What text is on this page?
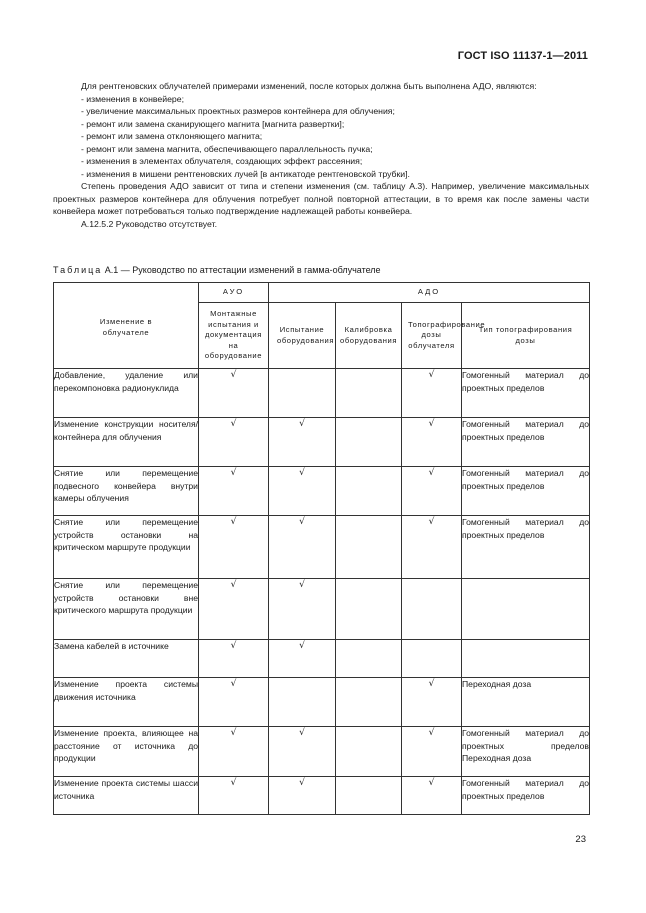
ГОСТ ISO 11137-1—2011

Для рентгеновских облучателей примерами изменений, после которых должна быть выполнена АДО, являются:

- изменения в конвейере;

- увеличение максимальных проектных размеров контейнера для облучения;

- ремонт или замена сканирующего магнита [магнита развертки];

- ремонт или замена отклоняющего магнита;

- ремонт или замена магнита, обеспечивающего параллельность пучка;

- изменения в элементах облучателя, создающих эффект рассеяния;

- изменения в мишени рентгеновских лучей [в антикатоде рентгеновской трубки].

Степень проведения АДО зависит от типа и степени изменения (см. таблицу А.3). Например, увеличение максимальных проектных размеров контейнера для облучения потребует полной повторной аттестации, в то время как после замены части конвейера может потребоваться только подтверждение надлежащей работы конвейера.

А.12.5.2 Руководство отсутствует.

Таблица А.1 — Руководство по аттестации изменений в гамма-облучателе
Изменение в облучателе	АУО	АДО			

	Монтажные испытания и документация на оборудование	Испытание оборудования	Калибровка оборудования	Топографирование дозы облучателя	Тип топографирования дозы

Добавление, удаление или перекомпоновка радионуклида	√			√	Гомогенный материал до проектных пределов
Изменение конструкции носителя/контейнера для облучения	√	√		√	Гомогенный материал до проектных пределов
Снятие или перемещение подвесного конвейера внутри камеры облучения	√	√		√	Гомогенный материал до проектных пределов
Снятие или перемещение устройств остановки на критическом маршруте продукции	√	√		√	Гомогенный материал до проектных пределов
Снятие или перемещение устройств остановки вне критического маршрута продукции	√	√			
Замена кабелей в источнике	√	√			
Изменение проекта системы движения источника	√			√	Переходная доза
Изменение проекта, влияющее на расстояние от источника до продукции	√	√		√	Гомогенный материал до проектных пределов Переходная доза
Изменение проекта системы шасси источника	√	√		√	Гомогенный материал до проектных пределов
23
